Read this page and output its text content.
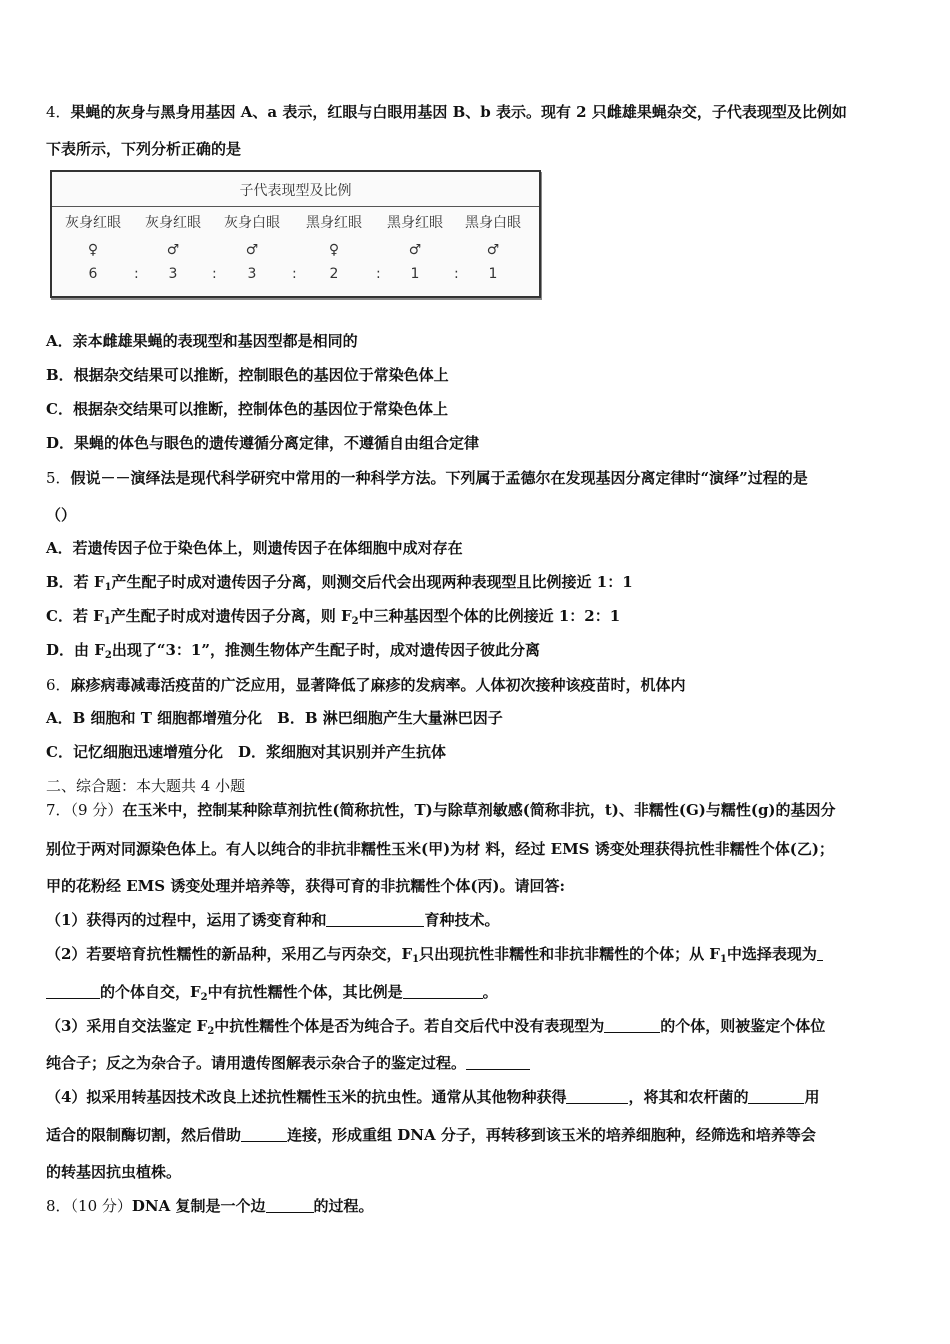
4．果蝇的灰身与黑身用基因 A、a 表示，红眼与白眼用基因 B、b 表示。现有 2 只雌雄果蝇杂交，子代表现型及比例如
下表所示，下列分析正确的是
子代表现型及比例
灰身红眼	灰身红眼	灰身白眼	黑身红眼	黑身红眼	黑身白眼
♀	♂	♂	♀	♂	♂
6	:	3	:	3	:	2	:	1	:	1
A．亲本雌雄果蝇的表现型和基因型都是相同的
B．根据杂交结果可以推断，控制眼色的基因位于常染色体上
C．根据杂交结果可以推断，控制体色的基因位于常染色体上
D．果蝇的体色与眼色的遗传遵循分离定律，不遵循自由组合定律
5．假说－－演绎法是现代科学研究中常用的一种科学方法。下列属于孟德尔在发现基因分离定律时“演绎”过程的是
（）
A．若遗传因子位于染色体上，则遗传因子在体细胞中成对存在
B．若 $F_1$产生配子时成对遗传因子分离，则测交后代会出现两种表现型且比例接近 1：1
C．若 $F_1$产生配子时成对遗传因子分离，则 $F_2$中三种基因型个体的比例接近 1：2：1
D．由 $F_2$出现了“3：1”，推测生物体产生配子时，成对遗传因子彼此分离
6．麻疹病毒减毒活疫苗的广泛应用，显著降低了麻疹的发病率。人体初次接种该疫苗时，机体内
A．B 细胞和 T 细胞都增殖分化　B．B 淋巴细胞产生大量淋巴因子
C．记忆细胞迅速增殖分化　D．浆细胞对其识别并产生抗体
二、综合题：本大题共 4 小题
7．（9 分）在玉米中，控制某种除草剂抗性(简称抗性，T)与除草剂敏感(简称非抗，t)、非糯性(G)与糯性(g)的基因分
别位于两对同源染色体上。有人以纯合的非抗非糯性玉米(甲)为材 料，经过 EMS 诱变处理获得抗性非糯性个体(乙)；
甲的花粉经 EMS 诱变处理并培养等，获得可育的非抗糯性个体(丙)。请回答:
（1）获得丙的过程中，运用了诱变育种和	育种技术。
（2）若要培育抗性糯性的新品种，采用乙与丙杂交，$F_1$只出现抗性非糯性和非抗非糯性的个体；从 $F_1$中选择表现为
的个体自交，$F_2$中有抗性糯性个体，其比例是	。
（3）采用自交法鉴定 $F_2$中抗性糯性个体是否为纯合子。若自交后代中没有表现型为	的个体，则被鉴定个体位
纯合子；反之为杂合子。请用遗传图解表示杂合子的鉴定过程。
（4）拟采用转基因技术改良上述抗性糯性玉米的抗虫性。通常从其他物种获得	，将其和农杆菌的	用
适合的限制酶切割，然后借助	连接，形成重组 DNA 分子，再转移到该玉米的培养细胞种，经筛选和培养等会
的转基因抗虫植株。
8．（10 分）DNA 复制是一个边	的过程。
